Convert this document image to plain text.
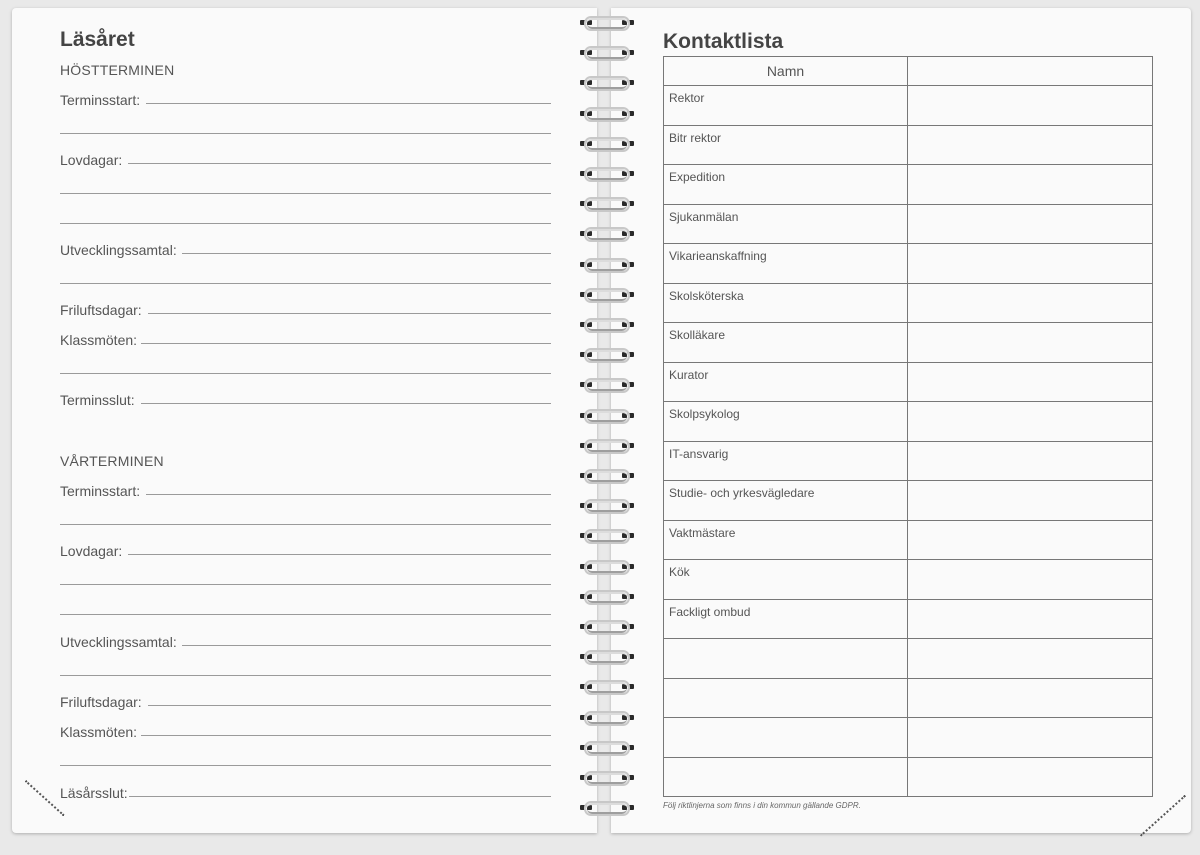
Läsåret
HÖSTTERMINEN
Terminsstart:
Lovdagar:
Utvecklingssamtal:
Friluftsdagar:
Klassmöten:
Terminsslut:
VÅRTERMINEN
Terminsstart:
Lovdagar:
Utvecklingssamtal:
Friluftsdagar:
Klassmöten:
Läsårsslut:
Kontaktlista
Namn	
Rektor	
Bitr rektor	
Expedition	
Sjukanmälan	
Vikarieanskaffning	
Skolsköterska	
Skolläkare	
Kurator	
Skolpsykolog	
IT-ansvarig	
Studie- och yrkesvägledare	
Vaktmästare	
Kök	
Fackligt ombud	

Följ riktlinjerna som finns i din kommun gällande GDPR.
